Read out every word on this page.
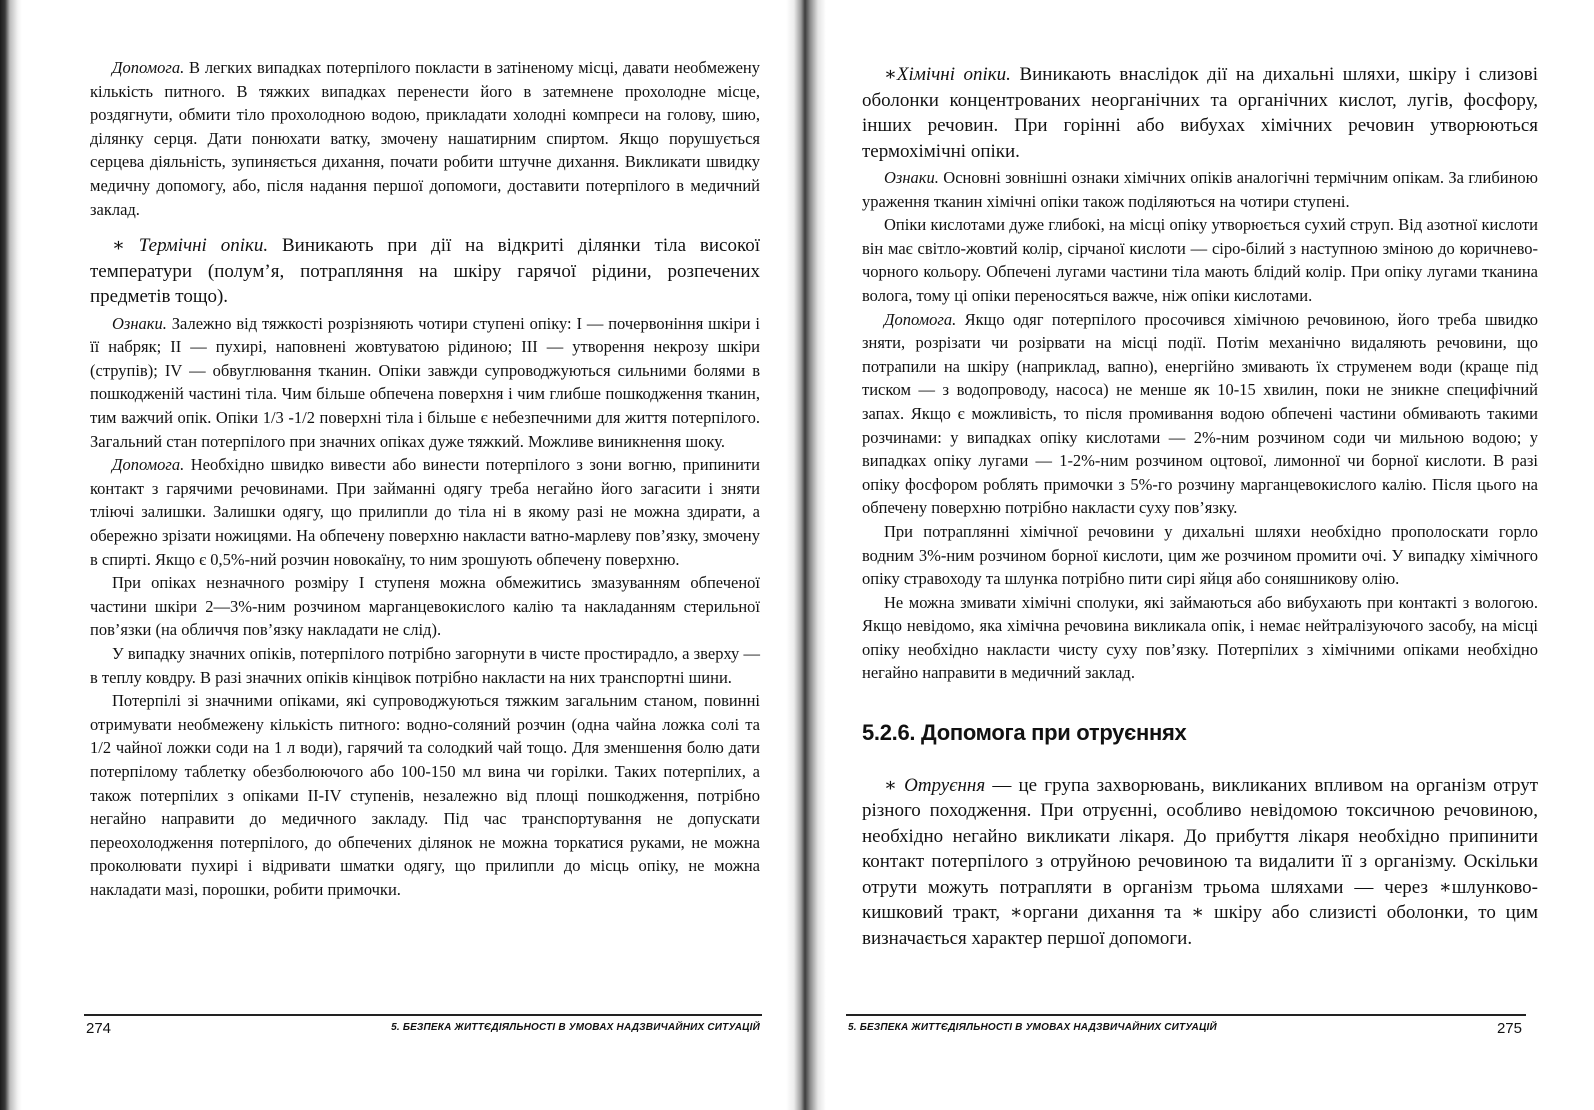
Допомога. В легких випадках потерпілого покласти в затіненому місці, давати необмежену кількість питного. В тяжких випадках перенести його в затемнене прохолодне місце, роздягнути, обмити тіло прохолодною водою, прикладати холодні компреси на голову, шию, ділянку серця. Дати понюхати ватку, змочену нашатирним спиртом. Якщо порушується серцева діяльність, зупиняється дихання, почати робити штучне дихання. Викликати швидку медичну допомогу, або, після надання першої допомоги, доставити потерпілого в медичний заклад.

∗ Термічні опіки. Виникають при дії на відкриті ділянки тіла високої температури (полум’я, потрапляння на шкіру гарячої рідини, розпечених предметів тощо).

Ознаки. Залежно від тяжкості розрізняють чотири ступені опіку: I — почервоніння шкіри і її набряк; II — пухирі, наповнені жовтуватою рідиною; III — утворення некрозу шкіри (струпів); IV — обвуглювання тканин. Опіки завжди супроводжуються сильними болями в пошкодженій частині тіла. Чим більше обпечена поверхня і чим глибше пошкодження тканин, тим важчий опік. Опіки 1/3 -1/2 поверхні тіла і більше є небезпечними для життя потерпілого. Загальний стан потерпілого при значних опіках дуже тяжкий. Можливе виникнення шоку.

Допомога. Необхідно швидко вивести або винести потерпілого з зони вогню, припинити контакт з гарячими речовинами. При займанні одягу треба негайно його загасити і зняти тліючі залишки. Залишки одягу, що прилипли до тіла ні в якому разі не можна здирати, а обережно зрізати ножицями. На обпечену поверхню накласти ватно-марлеву пов’язку, змочену в спирті. Якщо є 0,5%-ний розчин новокаїну, то ним зрошують обпечену поверхню.

При опіках незначного розміру I ступеня можна обмежитись змазуванням обпеченої частини шкіри 2—3%-ним розчином марганцевокислого калію та накладанням стерильної пов’язки (на обличчя пов’язку накладати не слід).

У випадку значних опіків, потерпілого потрібно загорнути в чисте простирадло, а зверху — в теплу ковдру. В разі значних опіків кінцівок потрібно накласти на них транспортні шини.

Потерпілі зі значними опіками, які супроводжуються тяжким загальним станом, повинні отримувати необмежену кількість питного: водно-соляний розчин (одна чайна ложка солі та 1/2 чайної ложки соди на 1 л води), гарячий та солодкий чай тощо. Для зменшення болю дати потерпілому таблетку обезболюючого або 100-150 мл вина чи горілки. Таких потерпілих, а також потерпілих з опіками II-IV ступенів, незалежно від площі пошкодження, потрібно негайно направити до медичного закладу. Під час транспортування не допускати переохолодження потерпілого, до обпечених ділянок не можна торкатися руками, не можна проколювати пухирі і відривати шматки одягу, що прилипли до місць опіку, не можна накладати мазі, порошки, робити примочки.

274	5. БЕЗПЕКА ЖИТТЄДІЯЛЬНОСТІ В УМОВАХ НАДЗВИЧАЙНИХ СИТУАЦІЙ
∗Хімічні опіки. Виникають внаслідок дії на дихальні шляхи, шкіру і слизові оболонки концентрованих неорганічних та органічних кислот, лугів, фосфору, інших речовин. При горінні або вибухах хімічних речовин утворюються термохімічні опіки.

Ознаки. Основні зовнішні ознаки хімічних опіків аналогічні термічним опікам. За глибиною ураження тканин хімічні опіки також поділяються на чотири ступені.

Опіки кислотами дуже глибокі, на місці опіку утворюється сухий струп. Від азотної кислоти він має світло-жовтий колір, сірчаної кислоти — сіро-білий з наступною зміною до коричнево-чорного кольору. Обпечені лугами частини тіла мають блідий колір. При опіку лугами тканина волога, тому ці опіки переносяться важче, ніж опіки кислотами.

Допомога. Якщо одяг потерпілого просочився хімічною речовиною, його треба швидко зняти, розрізати чи розірвати на місці події. Потім механічно видаляють речовини, що потрапили на шкіру (наприклад, вапно), енергійно змивають їх струменем води (краще під тиском — з водопроводу, насоса) не менше як 10-15 хвилин, поки не зникне специфічний запах. Якщо є можливість, то після промивання водою обпечені частини обмивають такими розчинами: у випадках опіку кислотами — 2%-ним розчином соди чи мильною водою; у випадках опіку лугами — 1-2%-ним розчином оцтової, лимонної чи борної кислоти. В разі опіку фосфором роблять примочки з 5%-го розчину марганцевокислого калію. Після цього на обпечену поверхню потрібно накласти суху пов’язку.

При потраплянні хімічної речовини у дихальні шляхи необхідно прополоскати горло водним 3%-ним розчином борної кислоти, цим же розчином промити очі. У випадку хімічного опіку стравоходу та шлунка потрібно пити сирі яйця або соняшникову олію.

Не можна змивати хімічні сполуки, які займаються або вибухають при контакті з вологою. Якщо невідомо, яка хімічна речовина викликала опік, і немає нейтралізуючого засобу, на місці опіку необхідно накласти чисту суху пов’язку. Потерпілих з хімічними опіками необхідно негайно направити в медичний заклад.

5.2.6. Допомога при отруєннях
∗ Отруєння — це група захворювань, викликаних впливом на організм отрут різного походження. При отруєнні, особливо невідомою токсичною речовиною, необхідно негайно викликати лікаря. До прибуття лікаря необхідно припинити контакт потерпілого з отруйною речовиною та видалити її з організму. Оскільки отрути можуть потрапляти в організм трьома шляхами — через ∗шлунково-кишковий тракт, ∗органи дихання та ∗ шкіру або слизисті оболонки, то цим визначається характер першої допомоги.
5. БЕЗПЕКА ЖИТТЄДІЯЛЬНОСТІ В УМОВАХ НАДЗВИЧАЙНИХ СИТУАЦІЙ	275
